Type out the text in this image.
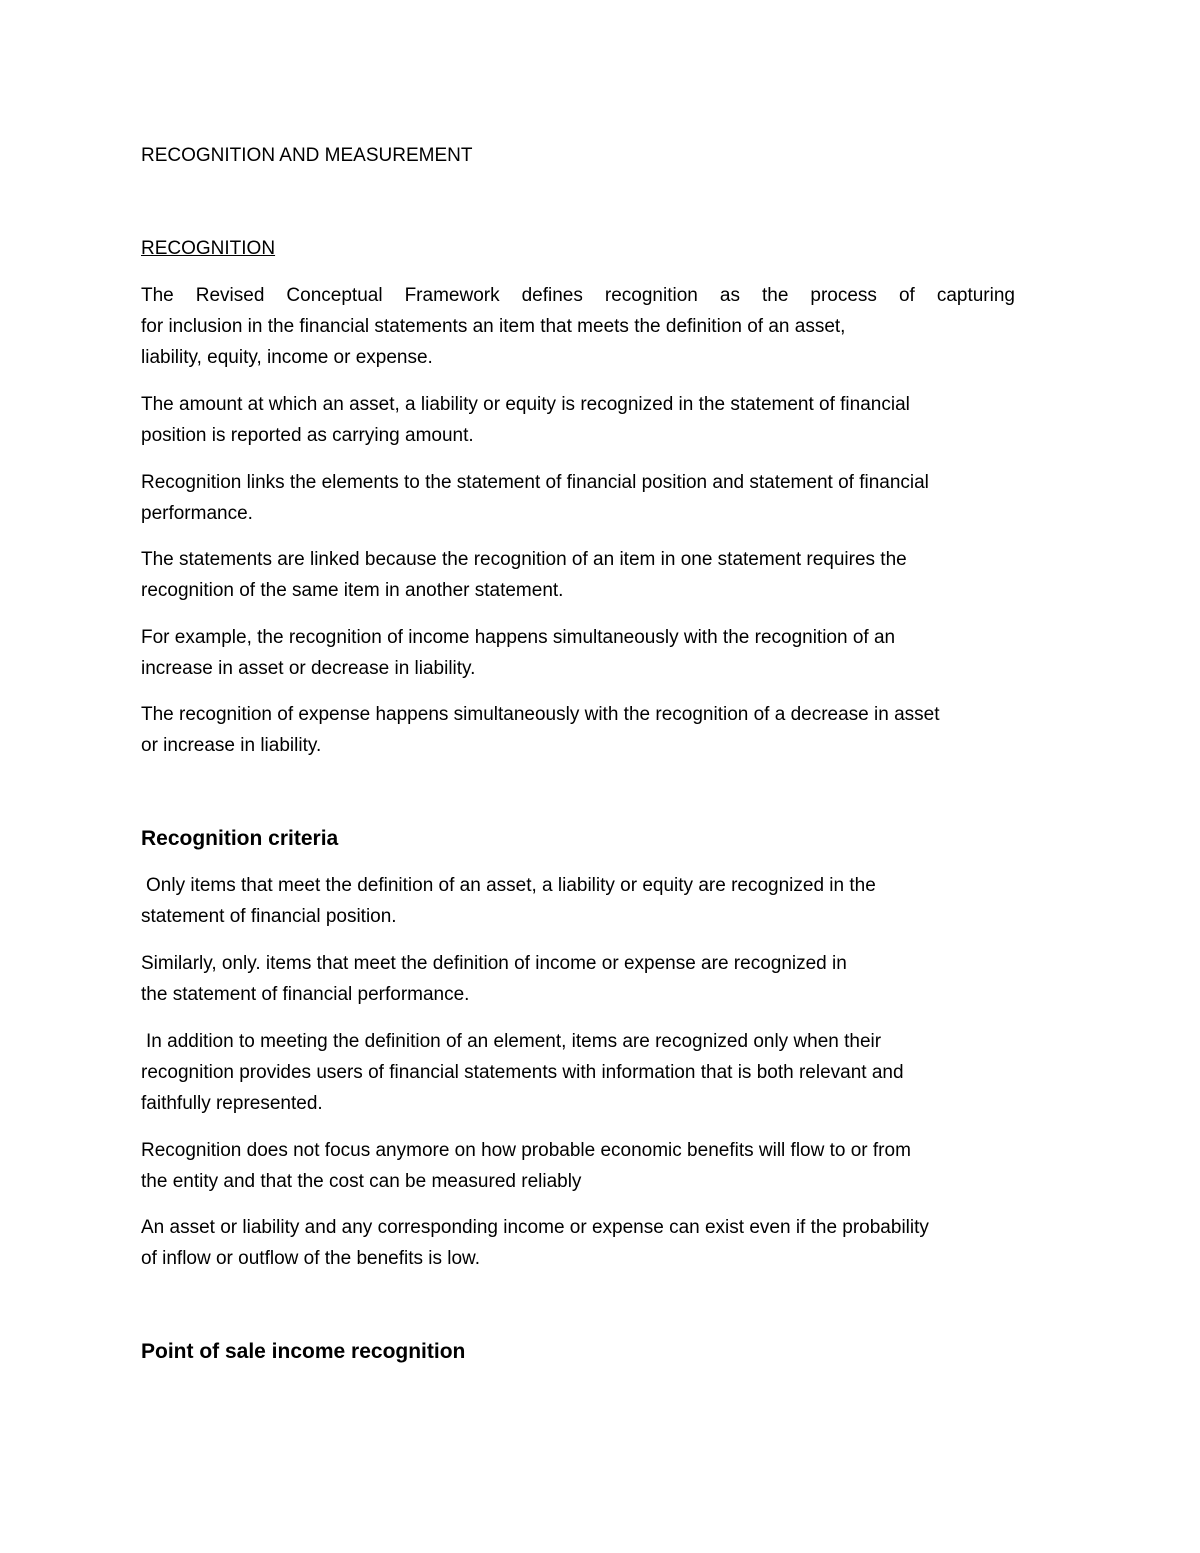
RECOGNITION AND MEASUREMENT

RECOGNITION

The Revised Conceptual Framework defines recognition as the process of capturing

for inclusion in the financial statements an item that meets the definition of an asset,

liability, equity, income or expense.

The amount at which an asset, a liability or equity is recognized in the statement of financial

position is reported as carrying amount.

Recognition links the elements to the statement of financial position and statement of financial

performance.

The statements are linked because the recognition of an item in one statement requires the

recognition of the same item in another statement.

For example, the recognition of income happens simultaneously with the recognition of an

increase in asset or decrease in liability.

The recognition of expense happens simultaneously with the recognition of a decrease in asset

or increase in liability.

Recognition criteria

Only items that meet the definition of an asset, a liability or equity are recognized in the

statement of financial position.

Similarly, only. items that meet the definition of income or expense are recognized in

the statement of financial performance.

In addition to meeting the definition of an element, items are recognized only when their

recognition provides users of financial statements with information that is both relevant and

faithfully represented.

Recognition does not focus anymore on how probable economic benefits will flow to or from

the entity and that the cost can be measured reliably

An asset or liability and any corresponding income or expense can exist even if the probability

of inflow or outflow of the benefits is low.

Point of sale income recognition
